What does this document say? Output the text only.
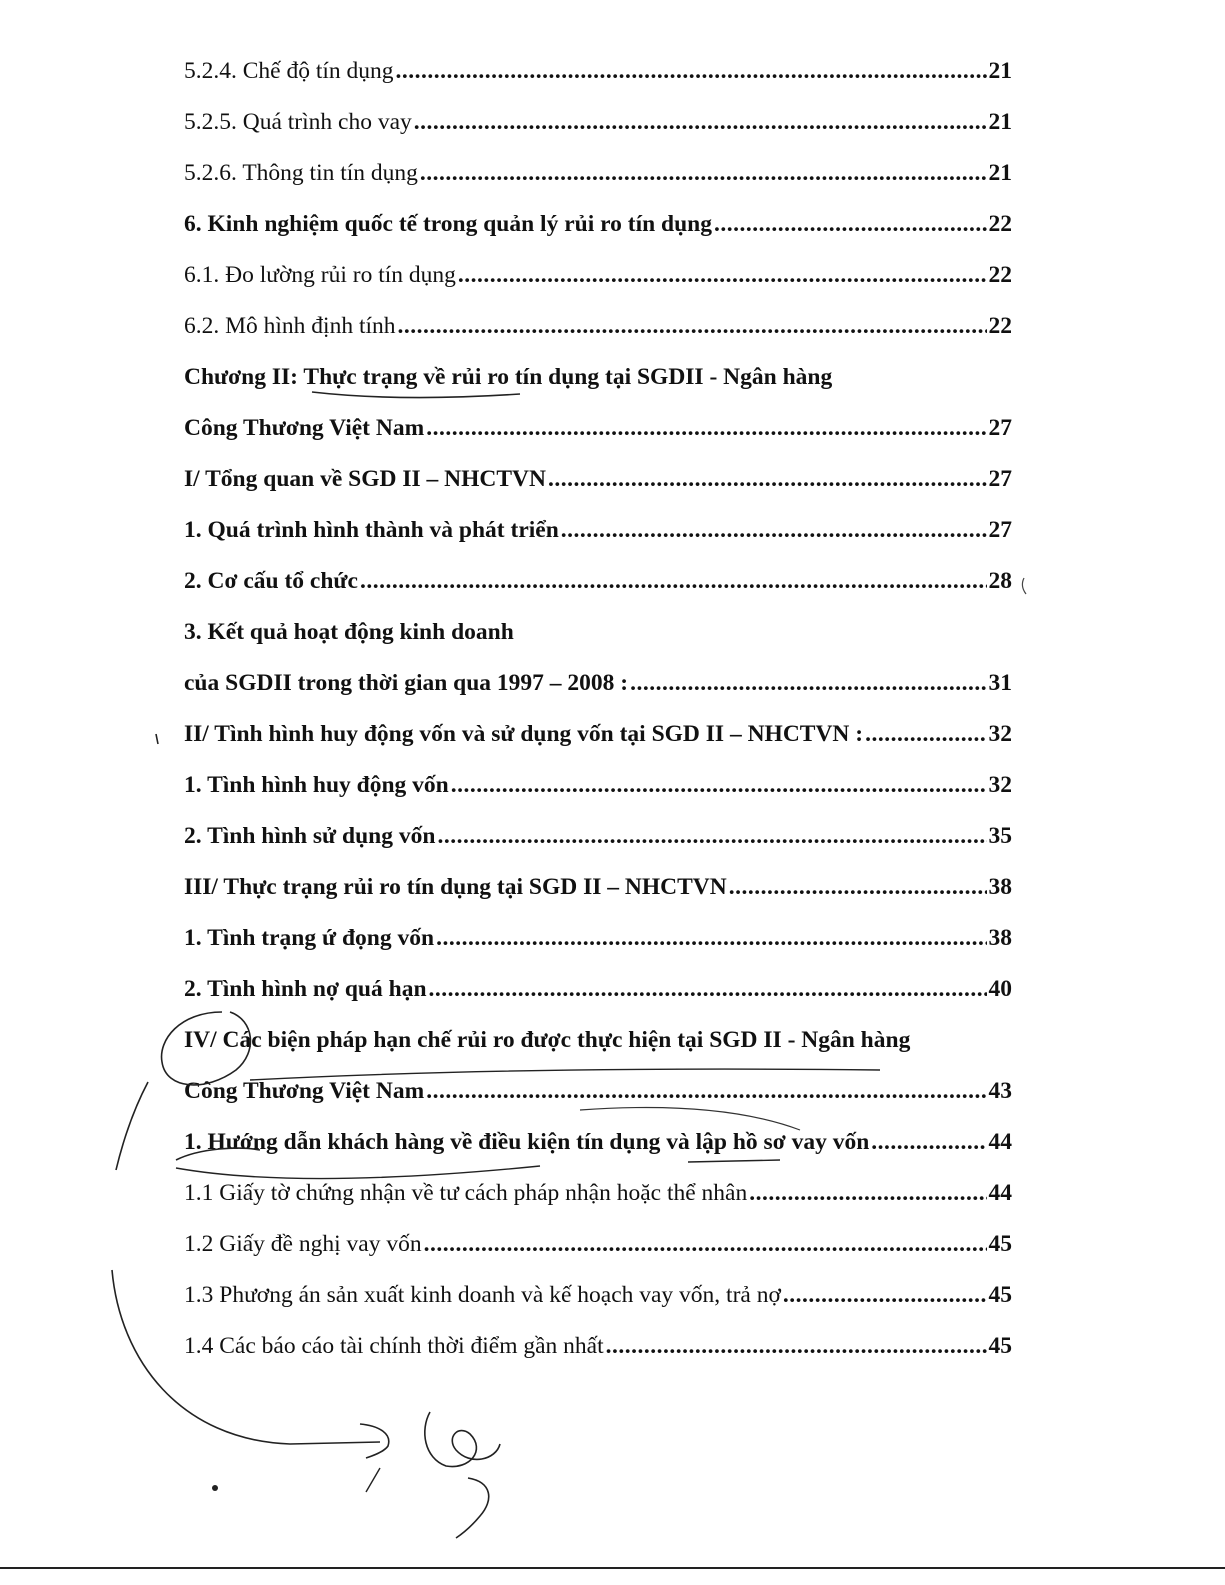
5.2.4. Chế độ tín dụng .....	21
5.2.5. Quá trình cho vay .....	21
5.2.6. Thông tin tín dụng .....	21
6. Kinh nghiệm quốc tế trong quản lý rủi ro tín dụng .....	22
6.1. Đo lường rủi ro tín dụng .....	22
6.2. Mô hình định tính .....	22
Chương II: Thực trạng về rủi ro tín dụng tại SGDII - Ngân hàng
Công Thương Việt Nam .....	27
I/ Tổng quan về SGD II – NHCTVN .....	27
1. Quá trình hình thành và phát triển .....	27
2. Cơ cấu tổ chức .....	28
3. Kết quả hoạt động kinh doanh
của SGDII trong thời gian qua 1997 – 2008 : .....	31
II/ Tình hình huy động vốn và sử dụng vốn tại SGD II – NHCTVN : .....	32
1. Tình hình huy động vốn .....	32
2. Tình hình sử dụng vốn .....	35
III/ Thực trạng rủi ro tín dụng tại SGD II – NHCTVN .....	38
1. Tình trạng ứ đọng vốn .....	38
2. Tình hình nợ quá hạn .....	40
IV/ Các biện pháp hạn chế rủi ro được thực hiện tại SGD II - Ngân hàng
Công Thương Việt Nam .....	43
1. Hướng dẫn khách hàng về điều kiện tín dụng và lập hồ sơ vay vốn .....	44
1.1 Giấy tờ chứng nhận về tư cách pháp nhận hoặc thể nhân .....	44
1.2 Giấy đề nghị vay vốn .....	45
1.3 Phương án sản xuất kinh doanh và kế hoạch vay vốn, trả nợ .....	45
1.4 Các báo cáo tài chính thời điểm gần nhất .....	45
